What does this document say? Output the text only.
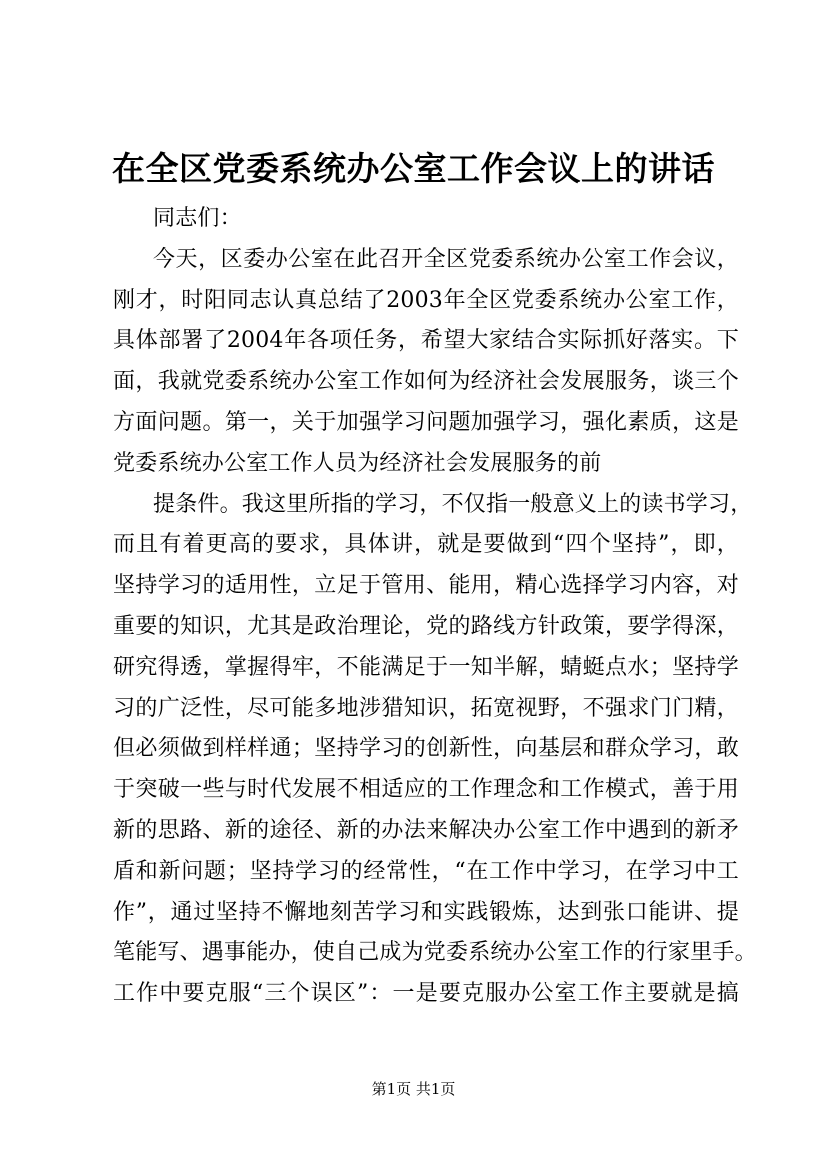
在全区党委系统办公室工作会议上的讲话
同志们：
今天，区委办公室在此召开全区党委系统办公室工作会议，
刚才，时阳同志认真总结了2003年全区党委系统办公室工作，
具体部署了2004年各项任务，希望大家结合实际抓好落实。下
面，我就党委系统办公室工作如何为经济社会发展服务，谈三个
方面问题。第一，关于加强学习问题加强学习，强化素质，这是
党委系统办公室工作人员为经济社会发展服务的前
提条件。我这里所指的学习，不仅指一般意义上的读书学习，
而且有着更高的要求，具体讲，就是要做到“四个坚持”，即，
坚持学习的适用性，立足于管用、能用，精心选择学习内容，对
重要的知识，尤其是政治理论，党的路线方针政策，要学得深，
研究得透，掌握得牢，不能满足于一知半解，蜻蜓点水；坚持学
习的广泛性，尽可能多地涉猎知识，拓宽视野，不强求门门精，
但必须做到样样通；坚持学习的创新性，向基层和群众学习，敢
于突破一些与时代发展不相适应的工作理念和工作模式，善于用
新的思路、新的途径、新的办法来解决办公室工作中遇到的新矛
盾和新问题；坚持学习的经常性，“在工作中学习，在学习中工
作”，通过坚持不懈地刻苦学习和实践锻炼，达到张口能讲、提
笔能写、遇事能办，使自己成为党委系统办公室工作的行家里手。
工作中要克服“三个误区”：一是要克服办公室工作主要就是搞
第1页 共1页
